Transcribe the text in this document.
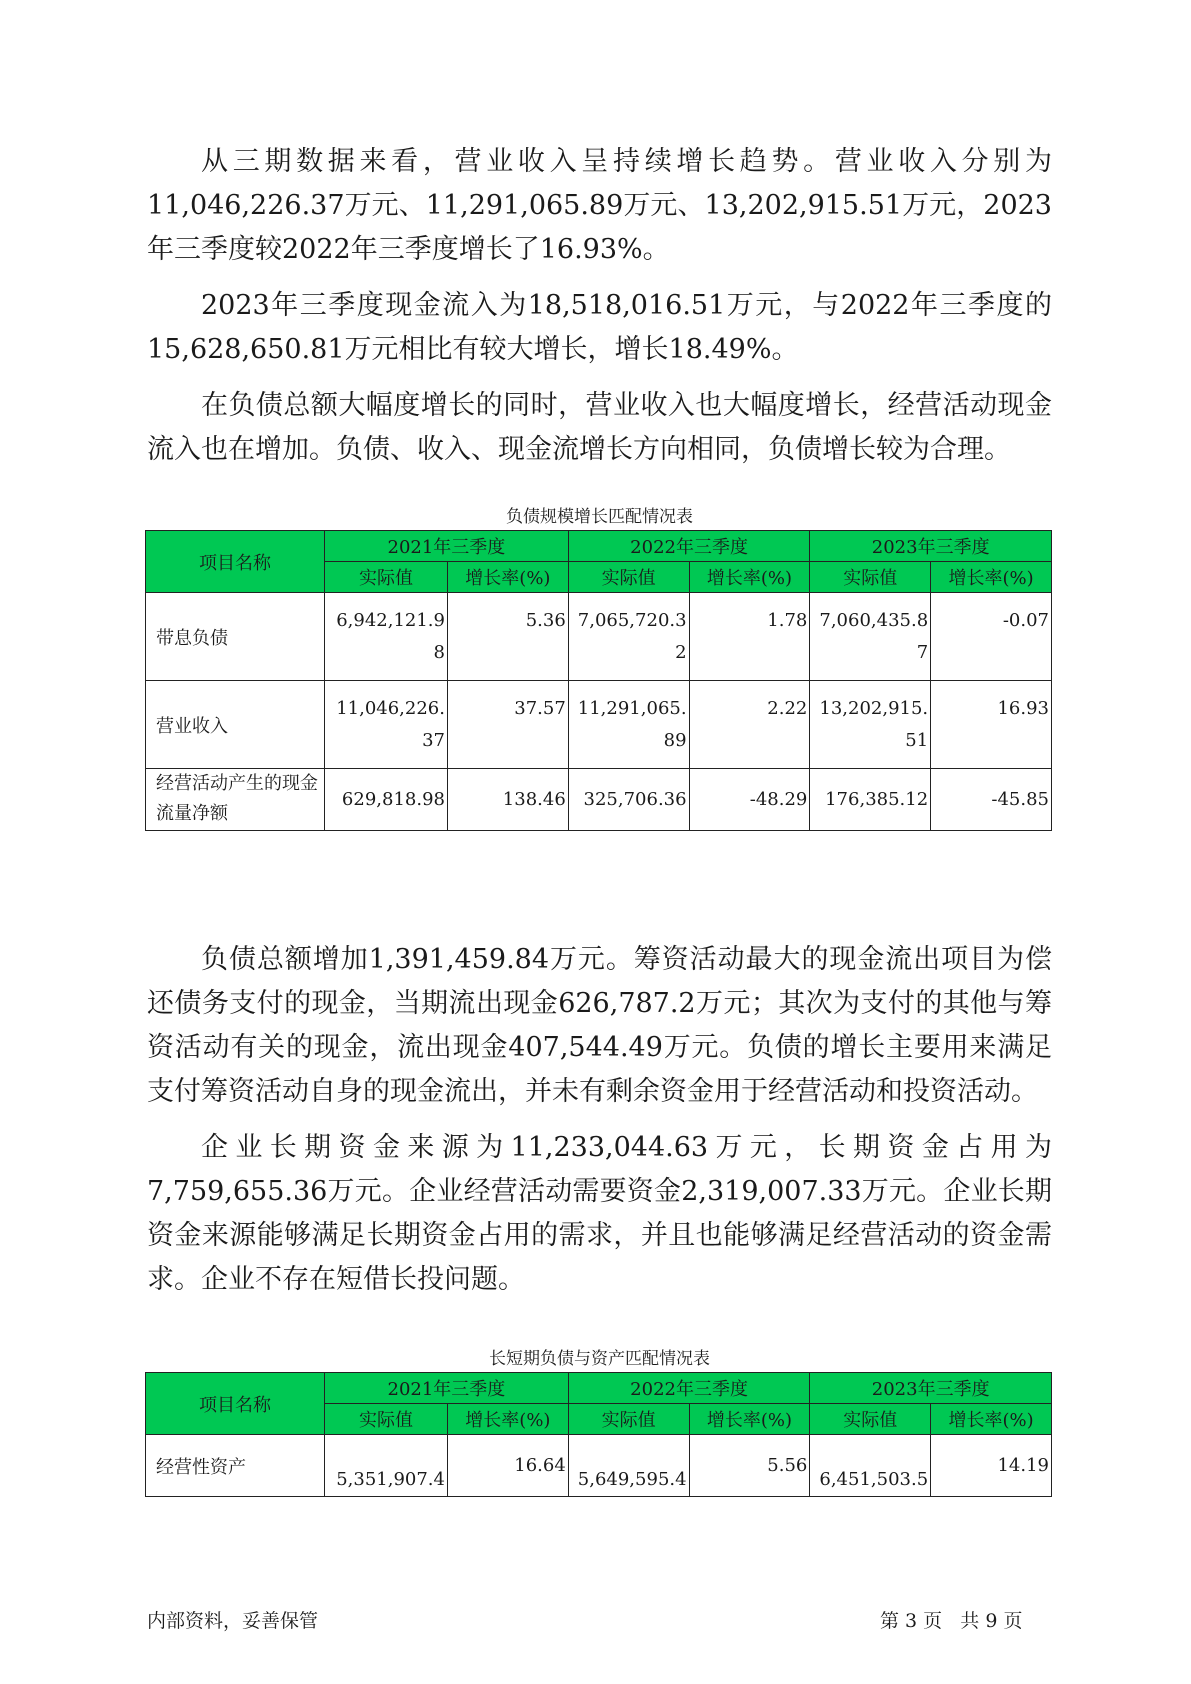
从三期数据来看，营业收入呈持续增长趋势。营业收入分别为11,046,226.37万元、11,291,065.89万元、13,202,915.51万元，2023年三季度较2022年三季度增长了16.93%。

2023年三季度现金流入为18,518,016.51万元，与2022年三季度的15,628,650.81万元相比有较大增长，增长18.49%。

在负债总额大幅度增长的同时，营业收入也大幅度增长，经营活动现金流入也在增加。负债、收入、现金流增长方向相同，负债增长较为合理。

负债规模增长匹配情况表

项目名称	2021年三季度		2022年三季度		2023年三季度	
	实际值	增长率(%)	实际值	增长率(%)	实际值	增长率(%)
带息负债	6,942,121.98	5.36	7,065,720.32	1.78	7,060,435.87	-0.07
营业收入	11,046,226.37	37.57	11,291,065.89	2.22	13,202,915.51	16.93
经营活动产生的现金流量净额	629,818.98	138.46	325,706.36	-48.29	176,385.12	-45.85

负债总额增加1,391,459.84万元。筹资活动最大的现金流出项目为偿还债务支付的现金，当期流出现金626,787.2万元；其次为支付的其他与筹资活动有关的现金，流出现金407,544.49万元。负债的增长主要用来满足支付筹资活动自身的现金流出，并未有剩余资金用于经营活动和投资活动。

企业长期资金来源为11,233,044.63万元，长期资金占用为7,759,655.36万元。企业经营活动需要资金2,319,007.33万元。企业长期资金来源能够满足长期资金占用的需求，并且也能够满足经营活动的资金需求。企业不存在短借长投问题。

长短期负债与资产匹配情况表

项目名称	2021年三季度		2022年三季度		2023年三季度	
	实际值	增长率(%)	实际值	增长率(%)	实际值	增长率(%)
经营性资产	5,351,907.4	16.64	5,649,595.4	5.56	6,451,503.5	14.19
内部资料，妥善保管	第 3 页   共 9 页
